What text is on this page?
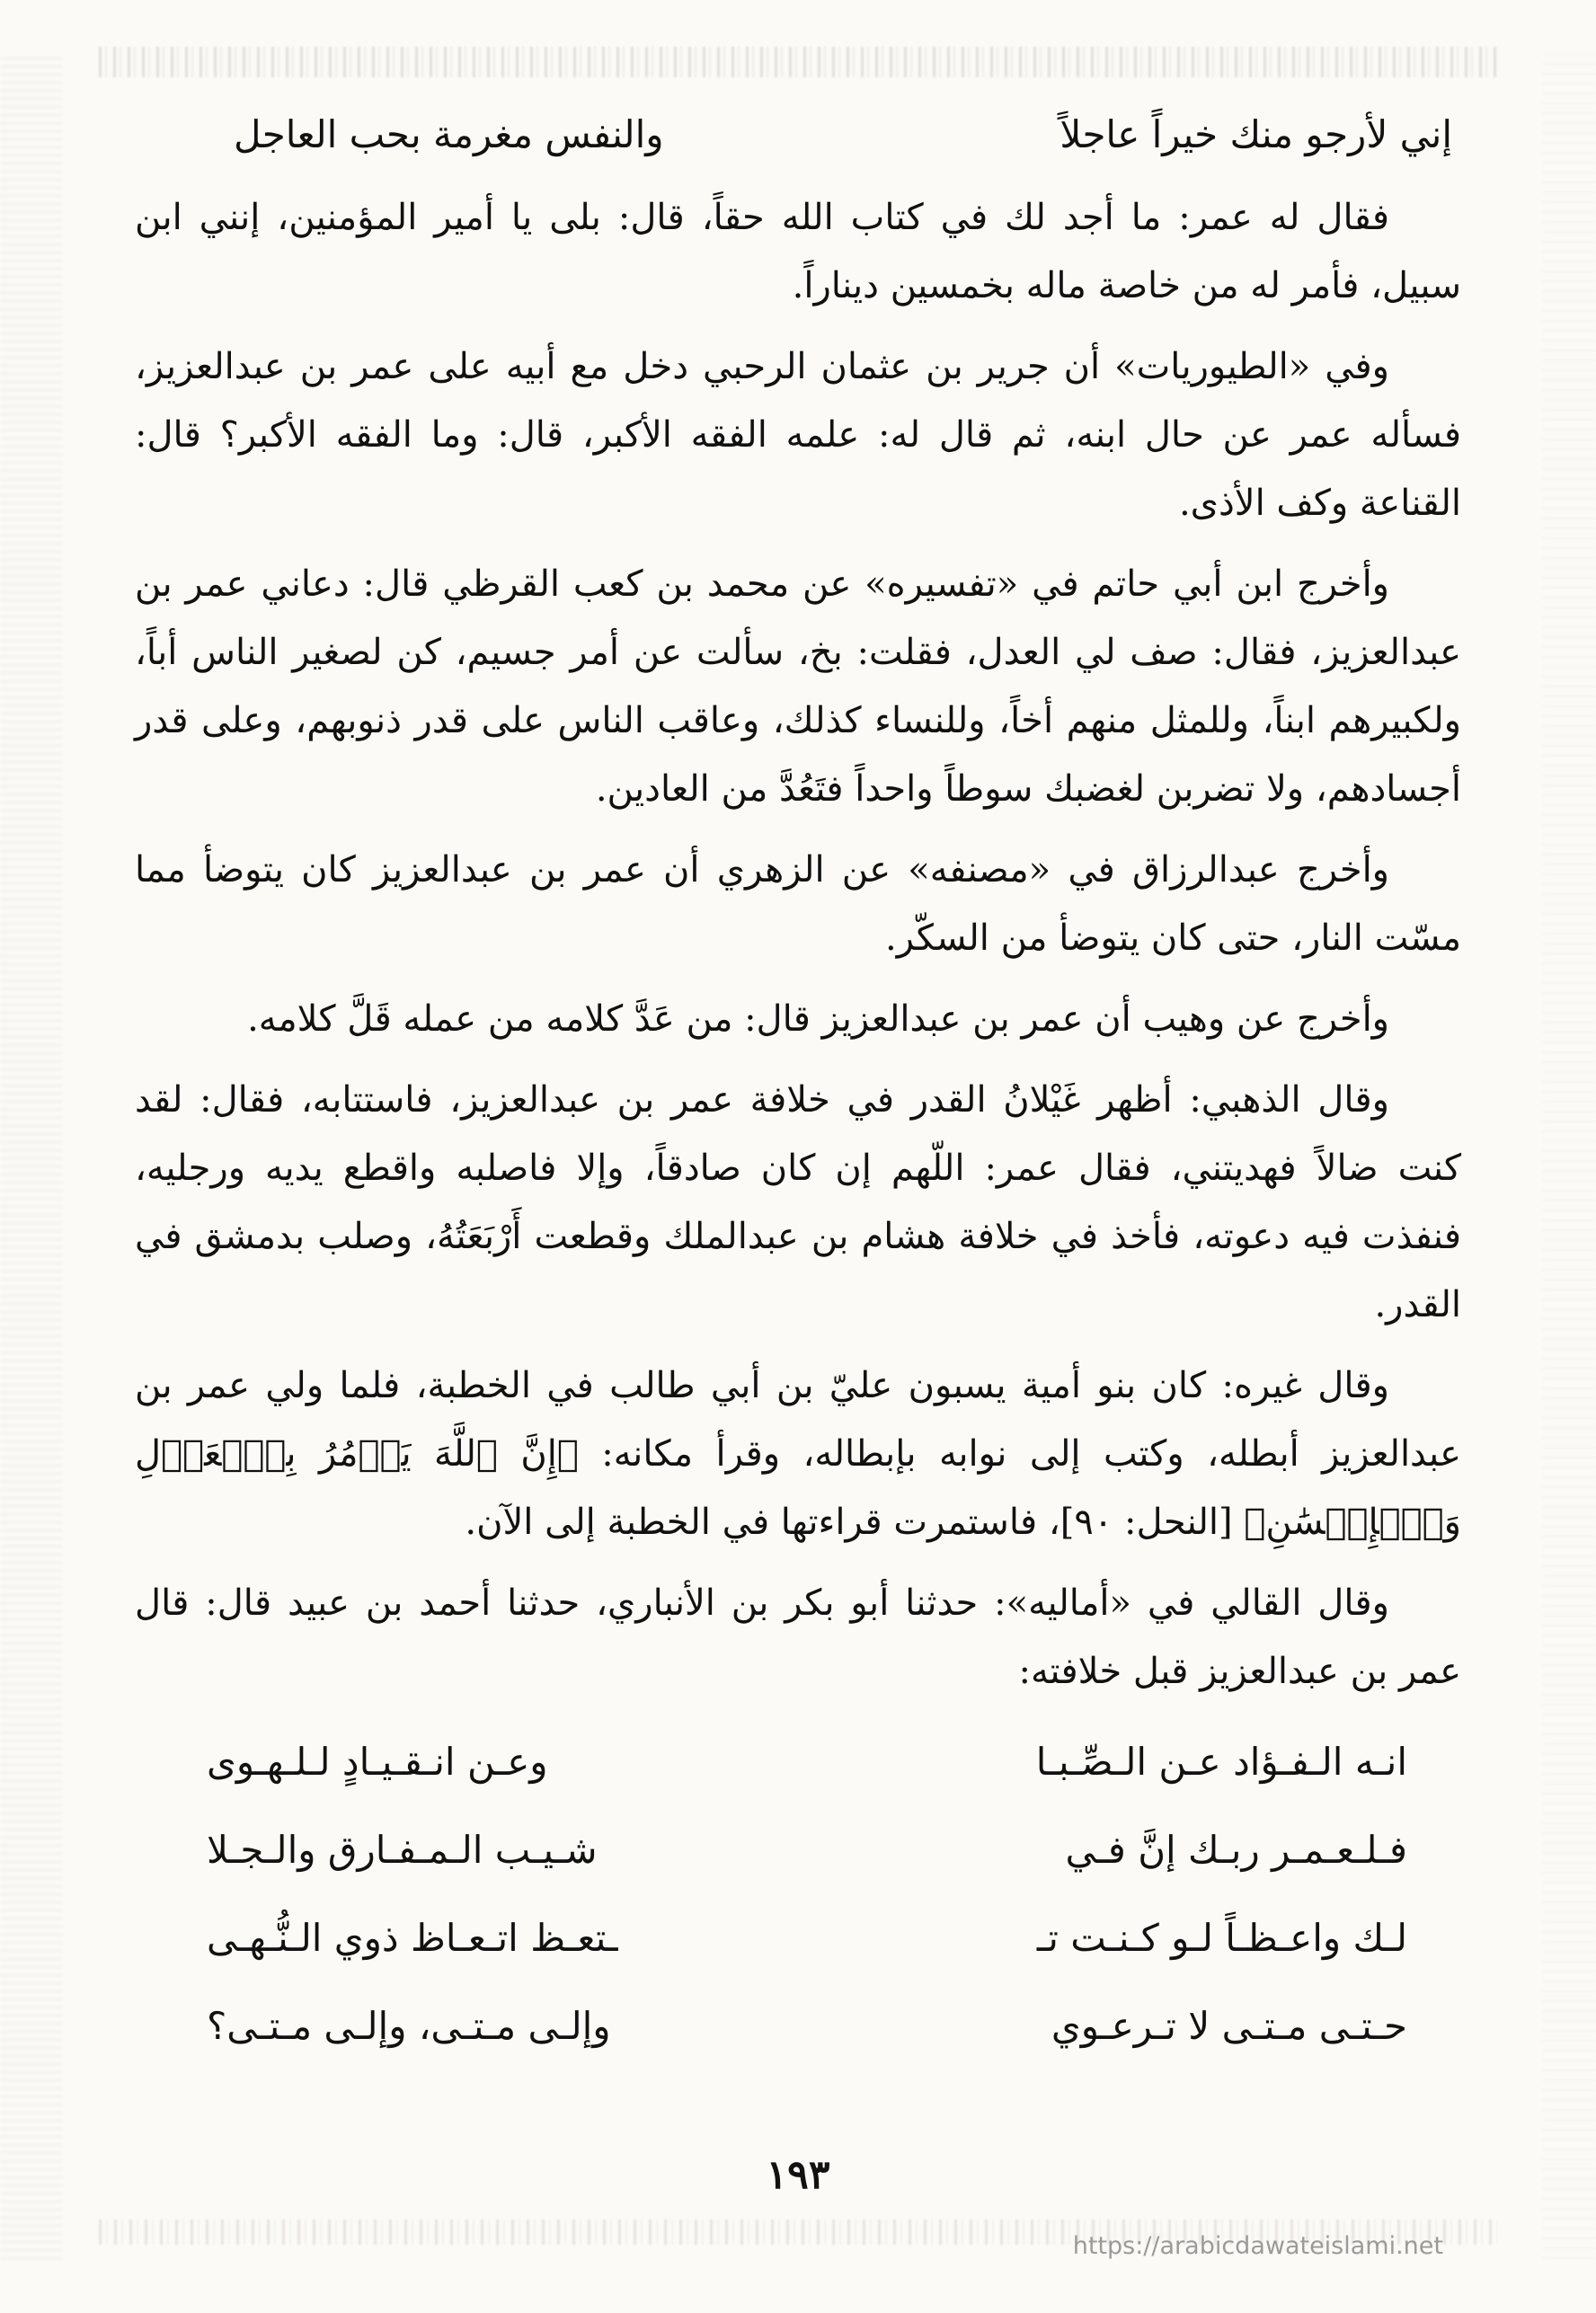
إني لأرجو منك خيراً عاجلاً
والنفس مغرمة بحب العاجل

فقال له عمر: ما أجد لك في كتاب الله حقاً، قال: بلى يا أمير المؤمنين، إنني ابن سبيل، فأمر له من خاصة ماله بخمسين ديناراً.

وفي «الطيوريات» أن جرير بن عثمان الرحبي دخل مع أبيه على عمر بن عبدالعزيز، فسأله عمر عن حال ابنه، ثم قال له: علمه الفقه الأكبر، قال: وما الفقه الأكبر؟ قال: القناعة وكف الأذى.

وأخرج ابن أبي حاتم في «تفسيره» عن محمد بن كعب القرظي قال: دعاني عمر بن عبدالعزيز، فقال: صف لي العدل، فقلت: بخ، سألت عن أمر جسيم، كن لصغير الناس أباً، ولكبيرهم ابناً، وللمثل منهم أخاً، وللنساء كذلك، وعاقب الناس على قدر ذنوبهم، وعلى قدر أجسادهم، ولا تضربن لغضبك سوطاً واحداً فتَعُدَّ من العادين.

وأخرج عبدالرزاق في «مصنفه» عن الزهري أن عمر بن عبدالعزيز كان يتوضأ مما مسّت النار، حتى كان يتوضأ من السكّر.

وأخرج عن وهيب أن عمر بن عبدالعزيز قال: من عَدَّ كلامه من عمله قَلَّ كلامه.

وقال الذهبي: أظهر غَيْلانُ القدر في خلافة عمر بن عبدالعزيز، فاستتابه، فقال: لقد كنت ضالاً فهديتني، فقال عمر: اللّهم إن كان صادقاً، وإلا فاصلبه واقطع يديه ورجليه، فنفذت فيه دعوته، فأخذ في خلافة هشام بن عبدالملك وقطعت أَرْبَعَتُهُ، وصلب بدمشق في القدر.

وقال غيره: كان بنو أمية يسبون عليّ بن أبي طالب في الخطبة، فلما ولي عمر بن عبدالعزيز أبطله، وكتب إلى نوابه بإبطاله، وقرأ مكانه: ﴿إِنَّ ٱللَّهَ يَأۡمُرُ بِٱلۡعَدۡلِ وَٱلۡإِحۡسَٰنِ﴾ [النحل: ٩٠]، فاستمرت قراءتها في الخطبة إلى الآن.

وقال القالي في «أماليه»: حدثنا أبو بكر بن الأنباري، حدثنا أحمد بن عبيد قال: قال عمر بن عبدالعزيز قبل خلافته:

انـه الـفـؤاد عـن الـصِّـبـا
وعـن انـقـيـادٍ لـلـهـوى
فـلـعـمـر ربـك إنَّ فـي
شـيـب الـمـفـارق والـجـلا
لـك واعـظـاً لـو كـنـت تـ
ـتعـظ اتـعـاظ ذوي الـنُّـهـى
حـتـى مـتـى لا تـرعـوي
وإلـى مـتـى، وإلـى مـتـى؟
١٩٣
https://arabicdawateislami.net
